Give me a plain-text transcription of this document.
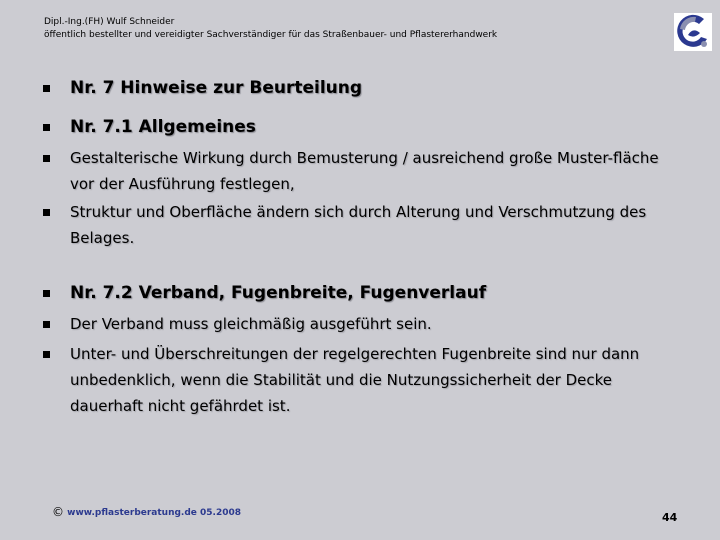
Dipl.-Ing.(FH) Wulf Schneider
öffentlich bestellter und vereidigter Sachverständiger für das Straßenbauer- und Pflastererhandwerk
Nr. 7 Hinweise zur Beurteilung
Nr. 7.1 Allgemeines
Gestalterische Wirkung durch Bemusterung / ausreichend große Muster-fläche vor der Ausführung festlegen,
Struktur und Oberfläche ändern sich durch Alterung und Verschmutzung des Belages.
Nr. 7.2 Verband, Fugenbreite, Fugenverlauf
Der Verband muss gleichmäßig ausgeführt sein.
Unter- und Überschreitungen der regelgerechten Fugenbreite sind nur dann unbedenklich, wenn die Stabilität und die Nutzungssicherheit der Decke dauerhaft nicht gefährdet ist.
© www.pflasterberatung.de 05.2008	44
